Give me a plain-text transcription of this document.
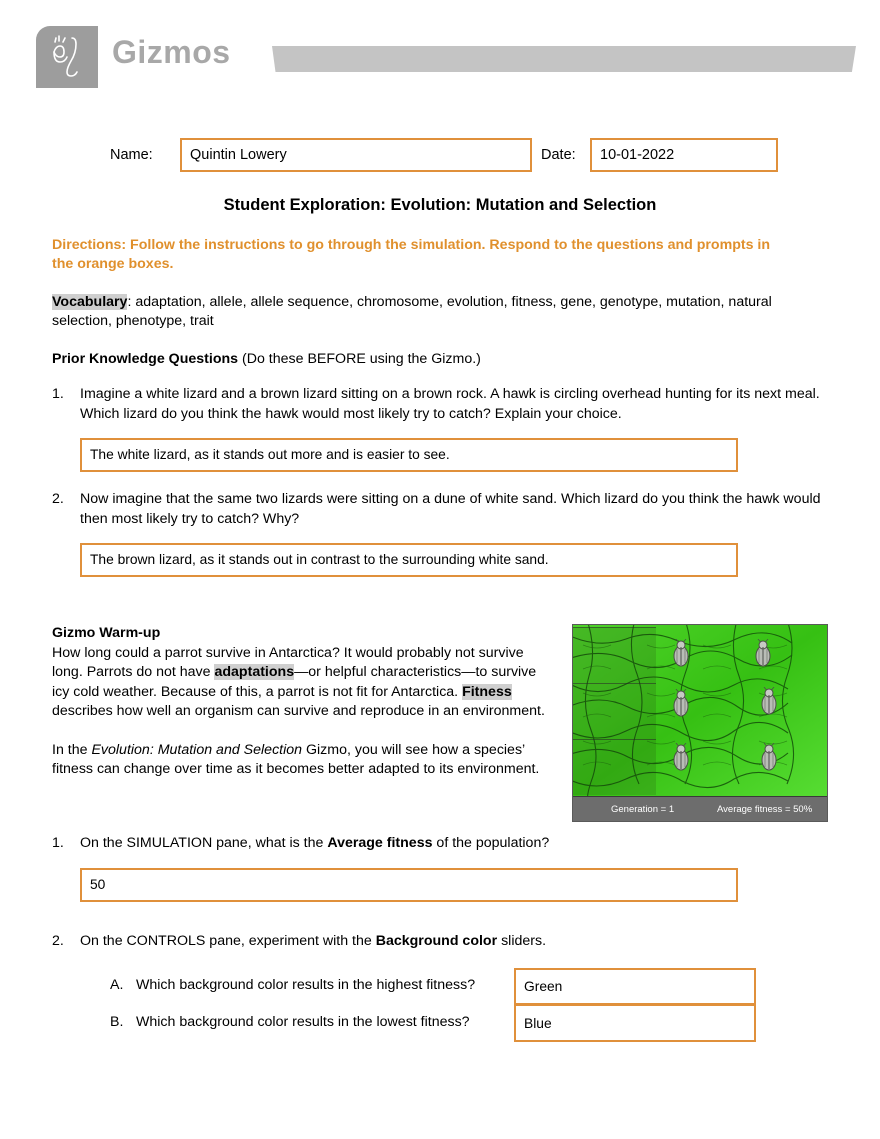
Gizmos
Name:	Quintin Lowery	Date:	10-01-2022
Student Exploration: Evolution: Mutation and Selection
Directions: Follow the instructions to go through the simulation. Respond to the questions and prompts in the orange boxes.
Vocabulary: adaptation, allele, allele sequence, chromosome, evolution, fitness, gene, genotype, mutation, natural selection, phenotype, trait
Prior Knowledge Questions (Do these BEFORE using the Gizmo.)
1.	Imagine a white lizard and a brown lizard sitting on a brown rock. A hawk is circling overhead hunting for its next meal. Which lizard do you think the hawk would most likely try to catch? Explain your choice.
The white lizard, as it stands out more and is easier to see.
2.	Now imagine that the same two lizards were sitting on a dune of white sand. Which lizard do you think the hawk would then most likely try to catch? Why?
The brown lizard, as it stands out in contrast to the surrounding white sand.
Gizmo Warm-up

How long could a parrot survive in Antarctica? It would probably not survive long. Parrots do not have adaptations—or helpful characteristics—to survive icy cold weather. Because of this, a parrot is not fit for Antarctica. Fitness describes how well an organism can survive and reproduce in an environment.

In the Evolution: Mutation and Selection Gizmo, you will see how a species’ fitness can change over time as it becomes better adapted to its environment.

Generation = 1	Average fitness = 50%
1.	On the SIMULATION pane, what is the Average fitness of the population?
50
2.	On the CONTROLS pane, experiment with the Background color sliders.
A. Which background color results in the highest fitness?	Green
B. Which background color results in the lowest fitness?	Blue
